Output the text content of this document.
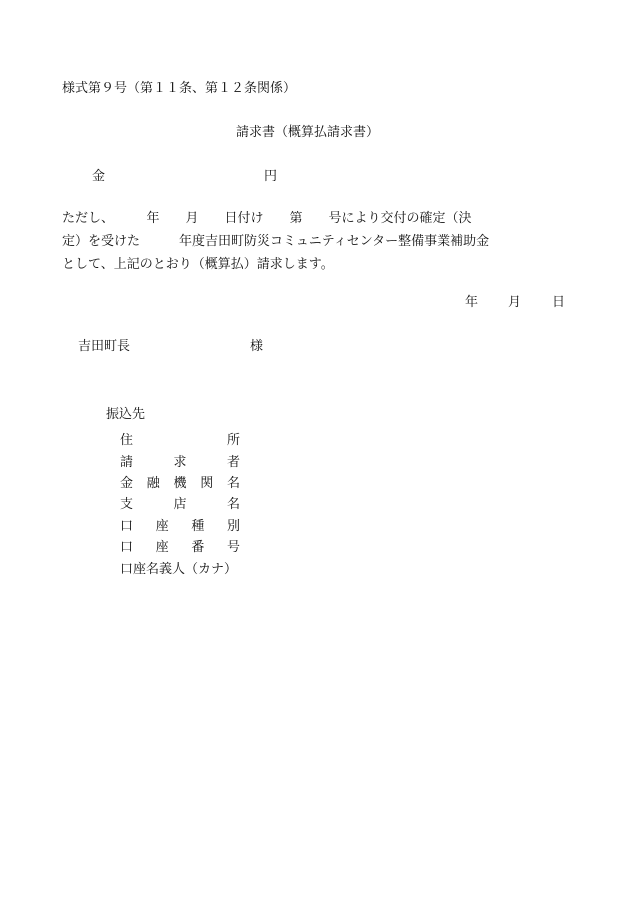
様式第９号（第１１条、第１２条関係）
請求書（概算払請求書）
金	円
ただし、　　　年　　月　　日付け　　第　　号により交付の確定（決
定）を受けた　　　年度吉田町防災コミュニティセンター整備事業補助金
として、上記のとおり（概算払）請求します。
年 月 日
吉田町長	様
振込先
住	所
請	求	者
金 融 機 関 名
支	店	名
口 座 種 別
口 座 番 号
口座名義人（カナ）
